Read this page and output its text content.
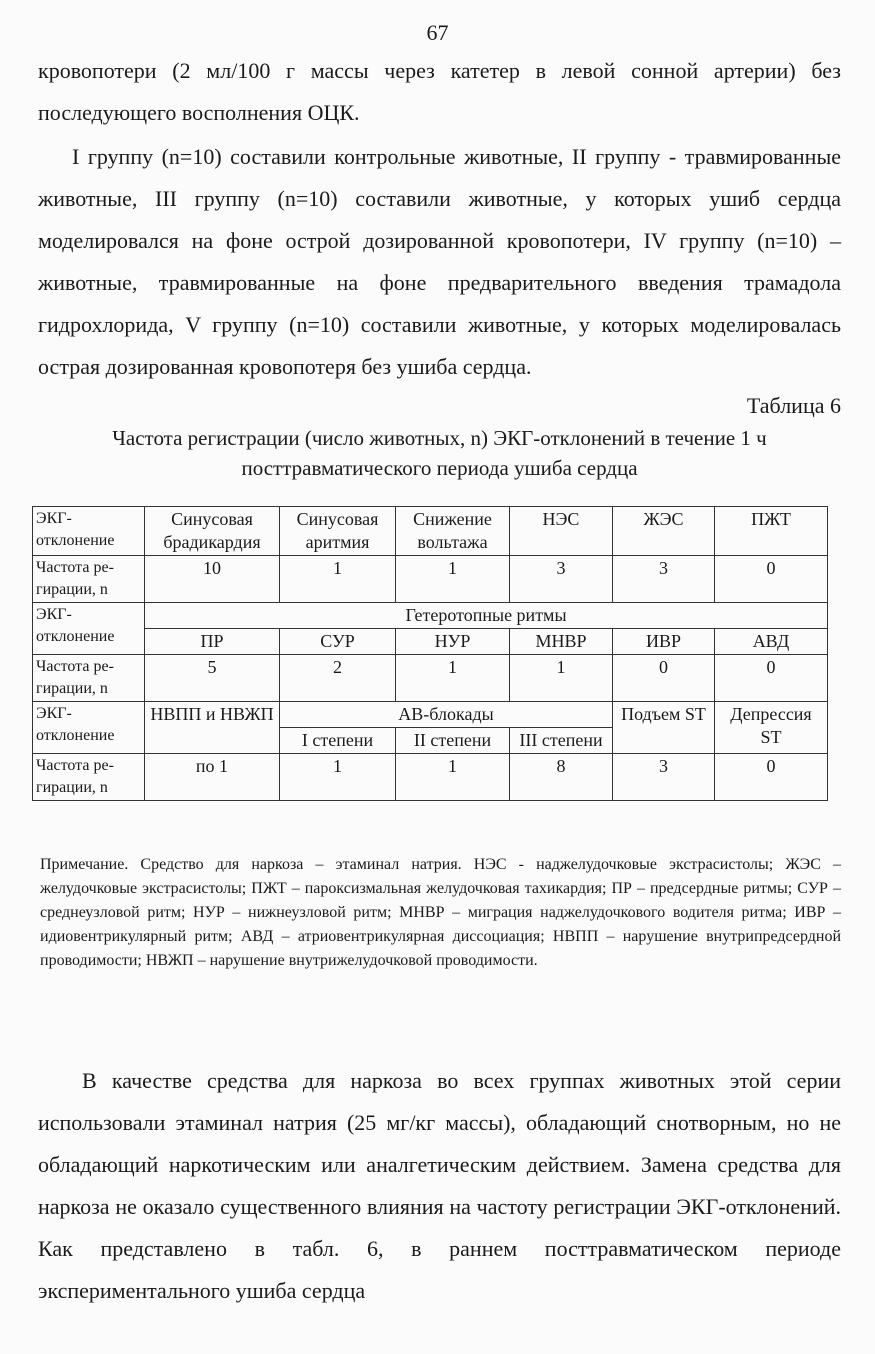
67
кровопотери (2 мл/100 г массы через катетер в левой сонной артерии) без последующего восполнения ОЦК.
I группу (n=10) составили контрольные животные, II группу - травмированные животные, III группу (n=10) составили животные, у которых ушиб сердца моделировался на фоне острой дозированной кровопотери, IV группу (n=10) – животные, травмированные на фоне предварительного введения трамадола гидрохлорида, V группу (n=10) составили животные, у которых моделировалась острая дозированная кровопотеря без ушиба сердца.
Таблица 6
Частота регистрации (число животных, n) ЭКГ-отклонений в течение 1 ч посттравматического периода ушиба сердца
ЭКГ-отклонение	Синусовая брадикардия	Синусовая аритмия	Снижение вольтажа	НЭС	ЖЭС	ПЖТ
Частота ре-гирации, n	10	1	1	3	3	0
ЭКГ-отклонение	Гетеротопные ритмы					
	ПР	СУР	НУР	МНВР	ИВР	АВД
Частота ре-гирации, n	5	2	1	1	0	0
ЭКГ-отклонение	НВПП и НВЖП	АВ-блокады			Подъем ST	Депрессия ST
		I степени	II степени	III степени		
Частота ре-гирации, n	по 1	1	1	8	3	0
Примечание. Средство для наркоза – этаминал натрия. НЭС - наджелудочковые экстрасистолы; ЖЭС – желудочковые экстрасистолы; ПЖТ – пароксизмальная желудочковая тахикардия; ПР – предсердные ритмы; СУР – среднеузловой ритм; НУР – нижнеузловой ритм; МНВР – миграция наджелудочкового водителя ритма; ИВР – идиовентрикулярный ритм; АВД – атриовентрикулярная диссоциация; НВПП – нарушение внутрипредсердной проводимости; НВЖП – нарушение внутрижелудочковой проводимости.
В качестве средства для наркоза во всех группах животных этой серии использовали этаминал натрия (25 мг/кг массы), обладающий снотворным, но не обладающий наркотическим или аналгетическим действием. Замена средства для наркоза не оказало существенного влияния на частоту регистрации ЭКГ-отклонений. Как представлено в табл. 6, в раннем посттравматическом периоде экспериментального ушиба сердца
